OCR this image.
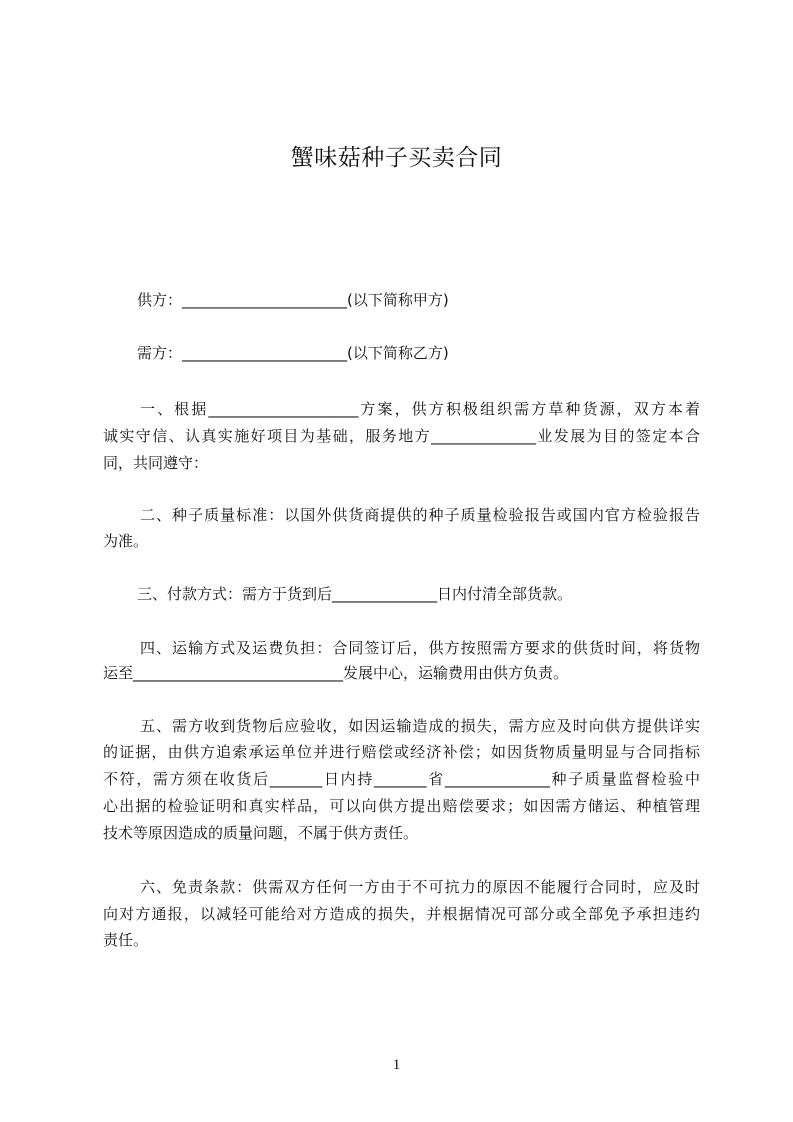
蟹味菇种子买卖合同
供方：______________________(以下简称甲方)
需方：______________________(以下简称乙方)
一、根据____________________方案，供方积极组织需方草种货源，双方本着
诚实守信、认真实施好项目为基础，服务地方______________业发展为目的签定本合
同，共同遵守：
二、种子质量标准：以国外供货商提供的种子质量检验报告或国内官方检验报告
为准。
三、付款方式：需方于货到后______________日内付清全部货款。
四、运输方式及运费负担：合同签订后，供方按照需方要求的供货时间，将货物
运至____________________________发展中心，运输费用由供方负责。
五、需方收到货物后应验收，如因运输造成的损失，需方应及时向供方提供详实
的证据，由供方追索承运单位并进行赔偿或经济补偿；如因货物质量明显与合同指标
不符，需方须在收货后_______日内持_______省______________种子质量监督检验中
心出据的检验证明和真实样品，可以向供方提出赔偿要求；如因需方储运、种植管理
技术等原因造成的质量问题，不属于供方责任。
六、免责条款：供需双方任何一方由于不可抗力的原因不能履行合同时，应及时
向对方通报，以减轻可能给对方造成的损失，并根据情况可部分或全部免予承担违约
责任。
1
